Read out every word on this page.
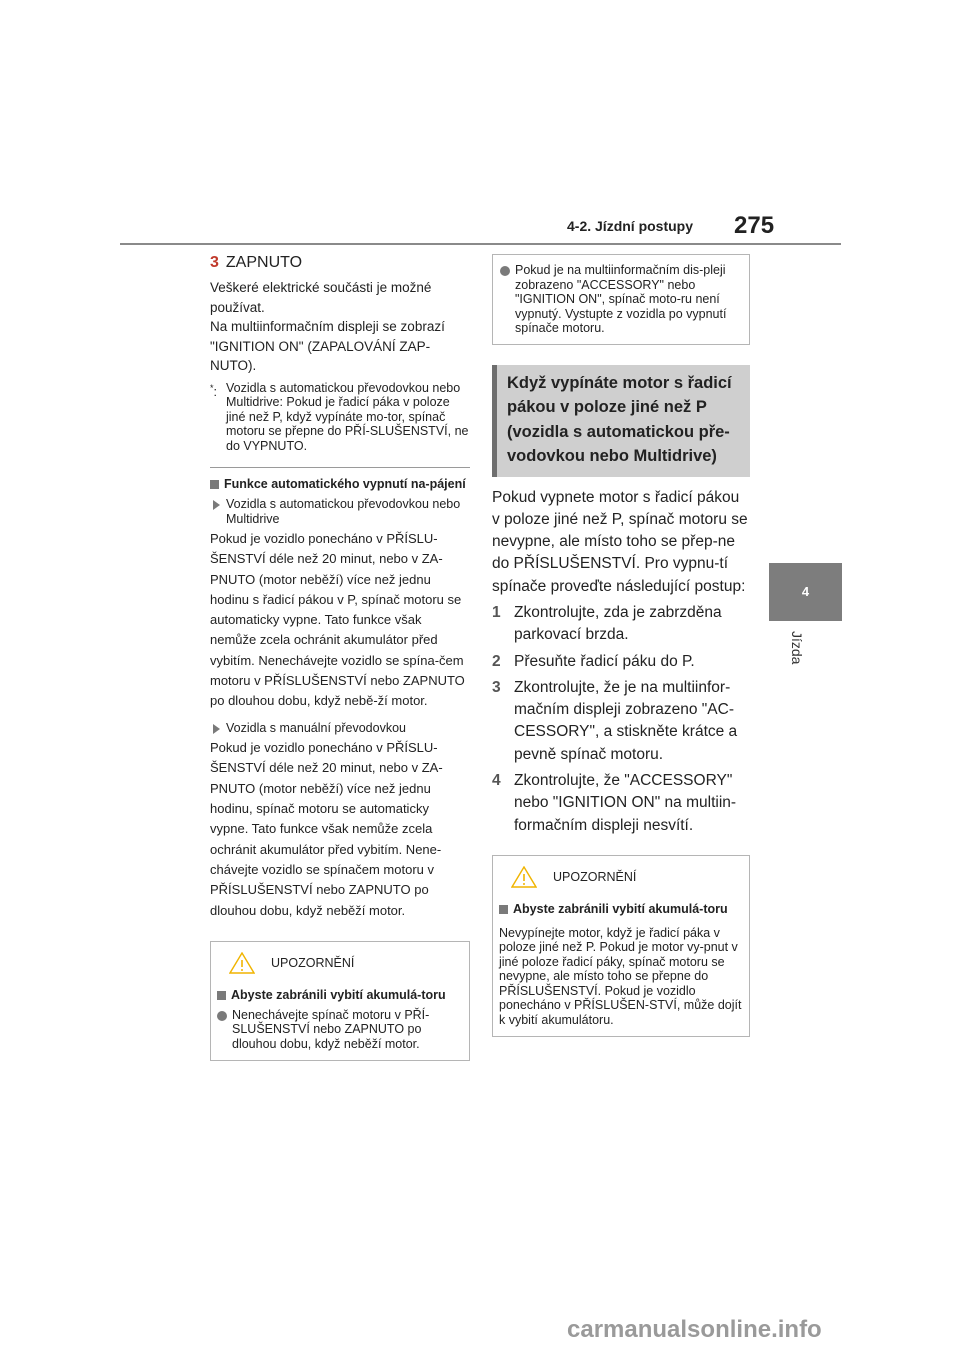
4-2. Jízdní postupy 275
4
Jízda
3 ZAPNUTO

Veškeré elektrické součásti je možné používat.

Na multiinformačním displeji se zobrazí "IGNITION ON" (ZAPALOVÁNÍ ZAP-NUTO).

*: Vozidla s automatickou převodovkou nebo Multidrive: Pokud je řadicí páka v poloze jiné než P, když vypínáte mo-tor, spínač motoru se přepne do PŘÍ-SLUŠENSTVÍ, ne do VYPNUTO.

Funkce automatického vypnutí na-pájení

Vozidla s automatickou převodovkou nebo Multidrive

Pokud je vozidlo ponecháno v PŘÍSLU-ŠENSTVÍ déle než 20 minut, nebo v ZA-PNUTO (motor neběží) více než jednu hodinu s řadicí pákou v P, spínač motoru se automaticky vypne. Tato funkce však nemůže zcela ochránit akumulátor před vybitím. Nenechávejte vozidlo se spína-čem motoru v PŘÍSLUŠENSTVÍ nebo ZAPNUTO po dlouhou dobu, když nebě-ží motor.

Vozidla s manuální převodovkou

Pokud je vozidlo ponecháno v PŘÍSLU-ŠENSTVÍ déle než 20 minut, nebo v ZA-PNUTO (motor neběží) více než jednu hodinu, spínač motoru se automaticky vypne. Tato funkce však nemůže zcela ochránit akumulátor před vybitím. Nene-chávejte vozidlo se spínačem motoru v PŘÍSLUŠENSTVÍ nebo ZAPNUTO po dlouhou dobu, když neběží motor.

UPOZORNĚNÍ
Abyste zabránili vybití akumulá-toru

Nenechávejte spínač motoru v PŘÍ-SLUŠENSTVÍ nebo ZAPNUTO po dlouhou dobu, když neběží motor.

Pokud je na multiinformačním dis-pleji zobrazeno "ACCESSORY" nebo "IGNITION ON", spínač moto-ru není vypnutý. Vystupte z vozidla po vypnutí spínače motoru.

Když vypínáte motor s řadicí pákou v poloze jiné než P (vozidla s automatickou pře-vodovkou nebo Multidrive)

Pokud vypnete motor s řadicí pákou v poloze jiné než P, spínač motoru se nevypne, ale místo toho se přep-ne do PŘÍSLUŠENSTVÍ. Pro vypnu-tí spínače proveďte následující postup:

1 Zkontrolujte, zda je zabrzděna parkovací brzda.
2 Přesuňte řadicí páku do P.
3 Zkontrolujte, že je na multiinfor-mačním displeji zobrazeno "AC-CESSORY", a stiskněte krátce a pevně spínač motoru.
4 Zkontrolujte, že "ACCESSORY" nebo "IGNITION ON" na multiin-formačním displeji nesvítí.
UPOZORNĚNÍ
Abyste zabránili vybití akumulá-toru

Nevypínejte motor, když je řadicí páka v poloze jiné než P. Pokud je motor vy-pnut v jiné poloze řadicí páky, spínač motoru se nevypne, ale místo toho se přepne do PŘÍSLUŠENSTVÍ. Pokud je vozidlo ponecháno v PŘÍSLUŠEN-STVÍ, může dojít k vybití akumulátoru.

carmanualsonline.info
